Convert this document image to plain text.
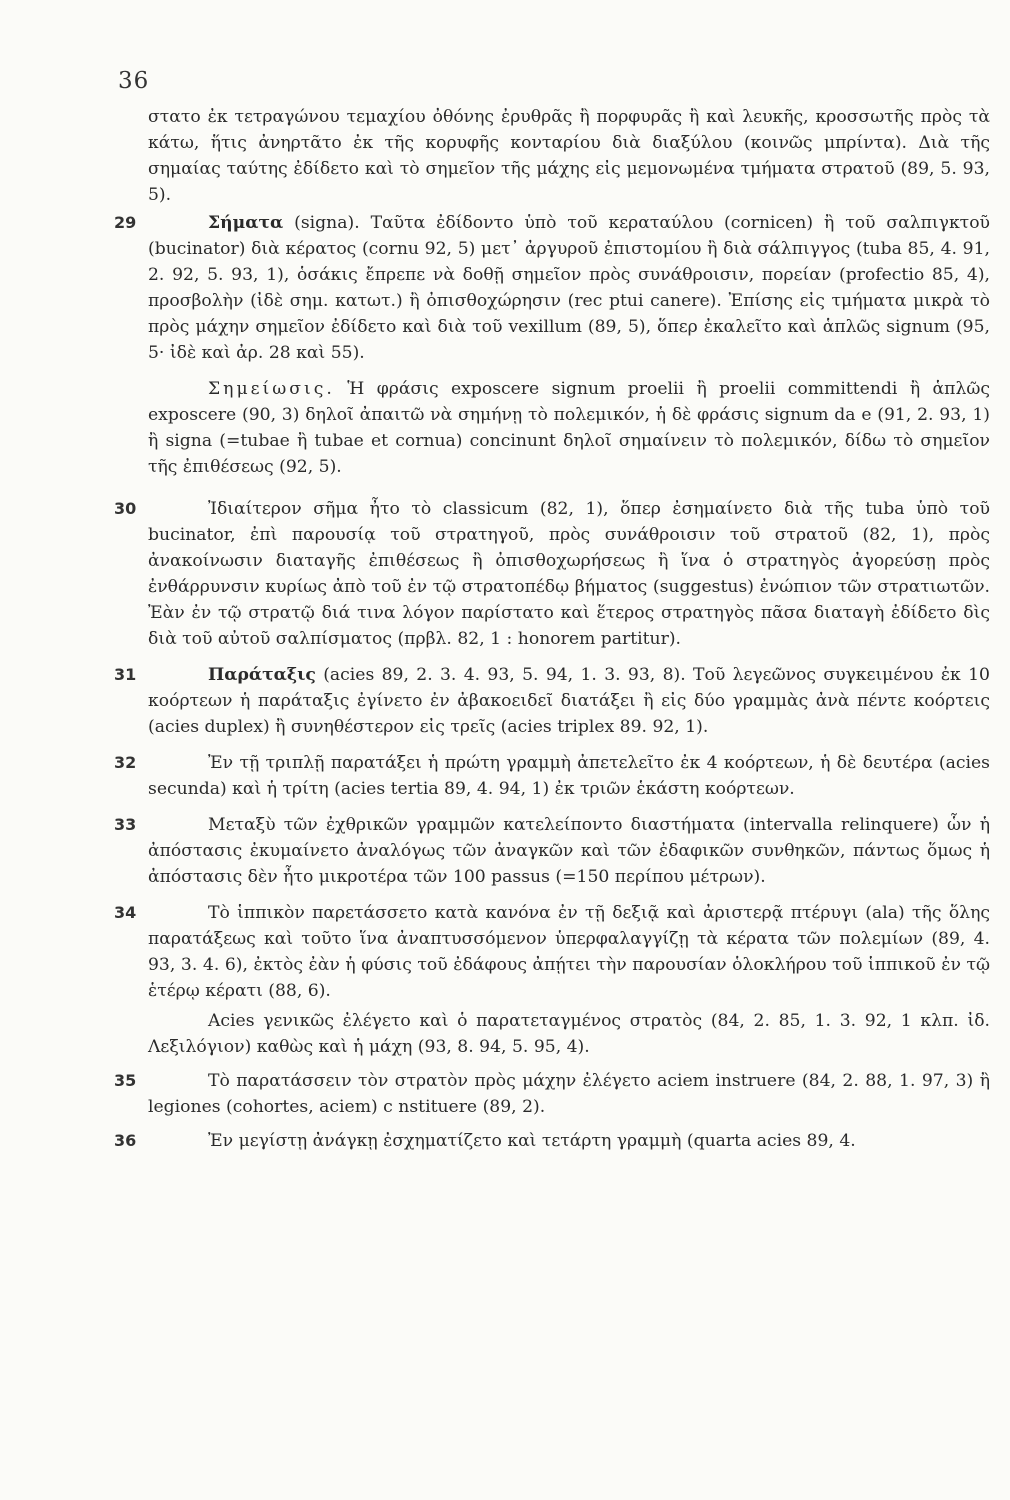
36

στατο ἐκ τετραγώνου τεμαχίου ὀθόνης ἐρυθρᾶς ἢ πορφυρᾶς ἢ καὶ λευκῆς, κροσσωτῆς πρὸς τὰ κάτω, ἥτις ἀνηρτᾶτο ἐκ τῆς κορυφῆς κονταρίου διὰ διαξύλου (κοινῶς μπρίντα). Διὰ τῆς σημαίας ταύτης ἐδίδετο καὶ τὸ σημεῖον τῆς μάχης εἰς μεμονωμένα τμήματα στρατοῦ (89, 5. 93, 5).

29	Σήματα (signa). Ταῦτα ἐδίδοντο ὑπὸ τοῦ κεραταύλου (cornicen) ἢ τοῦ σαλπιγκτοῦ (bucinator) διὰ κέρατος (cornu 92, 5) μετ᾽ ἀργυροῦ ἐπιστομίου ἢ διὰ σάλπιγγος (tuba 85, 4. 91, 2. 92, 5. 93, 1), ὁσάκις ἔπρεπε νὰ δοθῇ σημεῖον πρὸς συνάθροισιν, πορείαν (profectio 85, 4), προσβολὴν (ἰδὲ σημ. κατωτ.) ἢ ὀπισθοχώρησιν (rec ptui canere). Ἐπίσης εἰς τμήματα μικρὰ τὸ πρὸς μάχην σημεῖον ἐδίδετο καὶ διὰ τοῦ vexillum (89, 5), ὅπερ ἐκαλεῖτο καὶ ἁπλῶς signum (95, 5· ἰδὲ καὶ ἀρ. 28 καὶ 55).

Σημείωσις. Ἡ φράσις exposcere signum proelii ἢ proelii committendi ἢ ἁπλῶς exposcere (90, 3) δηλοῖ ἀπαιτῶ νὰ σημήνῃ τὸ πολεμικόν, ἡ δὲ φράσις signum da e (91, 2. 93, 1) ἢ signa (=tubae ἢ tubae et cornua) concinunt δηλοῖ σημαίνειν τὸ πολεμικόν, δίδω τὸ σημεῖον τῆς ἐπιθέσεως (92, 5).

30	Ἰδιαίτερον σῆμα ἦτο τὸ classicum (82, 1), ὅπερ ἐσημαίνετο διὰ τῆς tuba ὑπὸ τοῦ bucinator, ἐπὶ παρουσίᾳ τοῦ στρατηγοῦ, πρὸς συνάθροισιν τοῦ στρατοῦ (82, 1), πρὸς ἀνακοίνωσιν διαταγῆς ἐπιθέσεως ἢ ὀπισθοχωρήσεως ἢ ἵνα ὁ στρατηγὸς ἀγορεύσῃ πρὸς ἐνθάρρυνσιν κυρίως ἀπὸ τοῦ ἐν τῷ στρατοπέδῳ βήματος (suggestus) ἐνώπιον τῶν στρατιωτῶν. Ἐὰν ἐν τῷ στρατῷ διά τινα λόγον παρίστατο καὶ ἕτερος στρατηγὸς πᾶσα διαταγὴ ἐδίδετο δὶς διὰ τοῦ αὐτοῦ σαλπίσματος (πρβλ. 82, 1 : honorem partitur).

31	Παράταξις (acies 89, 2. 3. 4. 93, 5. 94, 1. 3. 93, 8). Τοῦ λεγεῶνος συγκειμένου ἐκ 10 κοόρτεων ἡ παράταξις ἐγίνετο ἐν ἀβακοειδεῖ διατάξει ἢ εἰς δύο γραμμὰς ἀνὰ πέντε κοόρτεις (acies duplex) ἢ συνηθέστερον εἰς τρεῖς (acies triplex 89. 92, 1).

32	Ἐν τῇ τριπλῇ παρατάξει ἡ πρώτη γραμμὴ ἀπετελεῖτο ἐκ 4 κοόρτεων, ἡ δὲ δευτέρα (acies secunda) καὶ ἡ τρίτη (acies tertia 89, 4. 94, 1) ἐκ τριῶν ἑκάστη κοόρτεων.

33	Μεταξὺ τῶν ἐχθρικῶν γραμμῶν κατελείποντο διαστήματα (intervalla relinquere) ὧν ἡ ἀπόστασις ἐκυμαίνετο ἀναλόγως τῶν ἀναγκῶν καὶ τῶν ἐδαφικῶν συνθηκῶν, πάντως ὅμως ἡ ἀπόστασις δὲν ἦτο μικροτέρα τῶν 100 passus (=150 περίπου μέτρων).

34	Τὸ ἱππικὸν παρετάσσετο κατὰ κανόνα ἐν τῇ δεξιᾷ καὶ ἀριστερᾷ πτέρυγι (ala) τῆς ὅλης παρατάξεως καὶ τοῦτο ἵνα ἀναπτυσσόμενον ὑπερφαλαγγίζῃ τὰ κέρατα τῶν πολεμίων (89, 4. 93, 3. 4. 6), ἐκτὸς ἐὰν ἡ φύσις τοῦ ἐδάφους ἀπῄτει τὴν παρουσίαν ὁλοκλήρου τοῦ ἱππικοῦ ἐν τῷ ἑτέρῳ κέρατι (88, 6).

Acies γενικῶς ἐλέγετο καὶ ὁ παρατεταγμένος στρατὸς (84, 2. 85, 1. 3. 92, 1 κλπ. ἰδ. Λεξιλόγιον) καθὼς καὶ ἡ μάχη (93, 8. 94, 5. 95, 4).

35	Τὸ παρατάσσειν τὸν στρατὸν πρὸς μάχην ἐλέγετο aciem instruere (84, 2. 88, 1. 97, 3) ἢ legiones (cohortes, aciem) c nstituere (89, 2).

36	Ἐν μεγίστῃ ἀνάγκῃ ἐσχηματίζετο καὶ τετάρτη γραμμὴ (quarta acies 89, 4.
